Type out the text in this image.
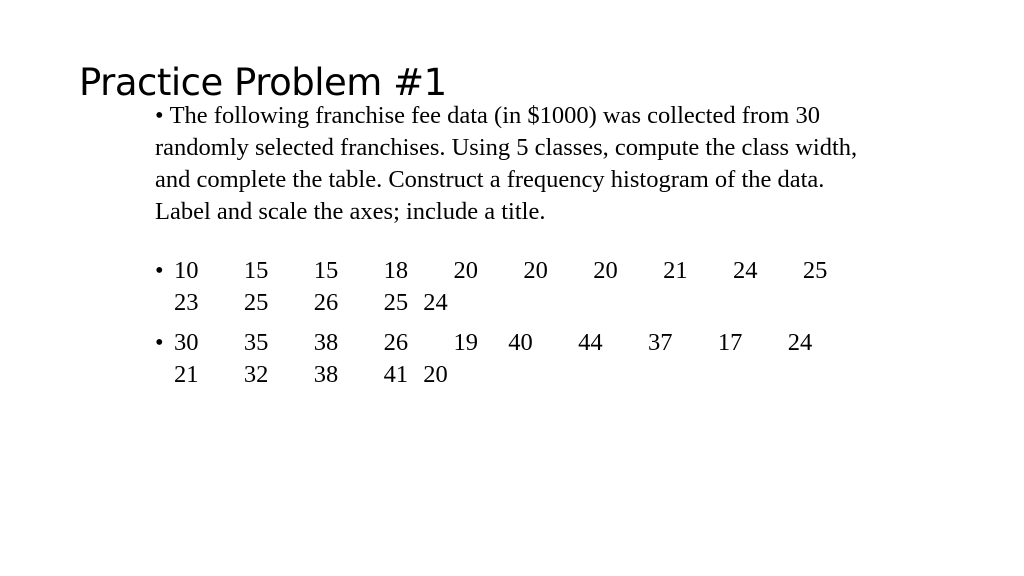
Practice Problem #1
• The following franchise fee data (in $1000) was collected from 30 randomly selected franchises. Using 5 classes, compute the class width, and complete the table. Construct a frequency histogram of the data. Label and scale the axes; include a title.
• 10   15   15   18   20   20   20   21   24   25   23   25   26   25 24
• 30   35   38   26   19  40   44   37   17   24   21   32   38   41 20
